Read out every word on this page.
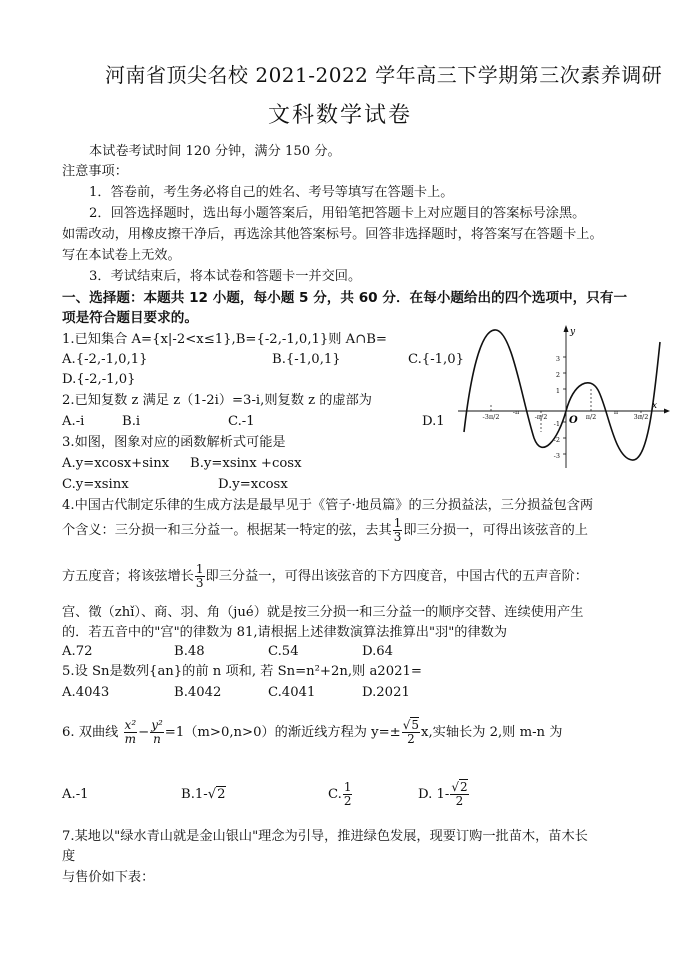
河南省顶尖名校 2021-2022 学年高三下学期第三次素养调研
文科数学试卷
本试卷考试时间 120 分钟，满分 150 分。
注意事项：
1．答卷前，考生务必将自己的姓名、考号等填写在答题卡上。
2．回答选择题时，选出每小题答案后，用铅笔把答题卡上对应题目的答案标号涂黑。
如需改动，用橡皮擦干净后，再选涂其他答案标号。回答非选择题时，将答案写在答题卡上。
写在本试卷上无效。
3．考试结束后，将本试卷和答题卡一并交回。
一、选择题：本题共 12 小题，每小题 5 分，共 60 分．在每小题给出的四个选项中，只有一
项是符合题目要求的。
1.已知集合 A={x|-2<x≤1},B={-2,-1,0,1}则 A∩B=
A.{-2,-1,0,1}	B.{-1,0,1}	C.{-1,0}
D.{-2,-1,0}
2.已知复数 z 满足 z（1-2i）=3-i,则复数 z 的虚部为
A.-i	B.i	C.-1	D.1
3.如图，图象对应的函数解析式可能是
A.y=xcosx+sinx B.y=xsinx +cosx
C.y=xsinx	D.y=xcosx
x
y
O
-3π/2
-π
-π/2	π/2
π
3π/2
3
2
1
-1
-2
-3
4.中国古代制定乐律的生成方法是最早见于《管子·地员篇》的三分损益法，三分损益包含两
个含义：三分损一和三分益一。根据某一特定的弦，去其 $\frac{1}{3}$ 即三分损一，可得出该弦音的上
方五度音；将该弦增长 $\frac{1}{3}$ 即三分益一，可得出该弦音的下方四度音，中国古代的五声音阶：
宫、徵（zhǐ）、商、羽、角（jué）就是按三分损一和三分益一的顺序交替、连续使用产生
的．若五音中的"宫"的律数为 81,请根据上述律数演算法推算出"羽"的律数为
A.72	B.48	C.54	D.64
5.设 Sn是数列{an}的前 n 项和, 若 Sn=n²+2n,则 a2021=
A.4043	B.4042	C.4041	D.2021
6. 双曲线 $\frac{\text{x²}}{m} - \frac{\text{y²}}{n} =1(m>0,n>0)$的渐近线方程为 $y=\pm \frac{√5}{2} x$,实轴长为 2,则 m-n 为
A.-1	B.1-√2	C. $\frac{1}{2}$	D. $1- \frac{√2}{2}$
7.某地以"绿水青山就是金山银山"理念为引导，推进绿色发展，现要订购一批苗木，苗木长
度
与售价如下表：
